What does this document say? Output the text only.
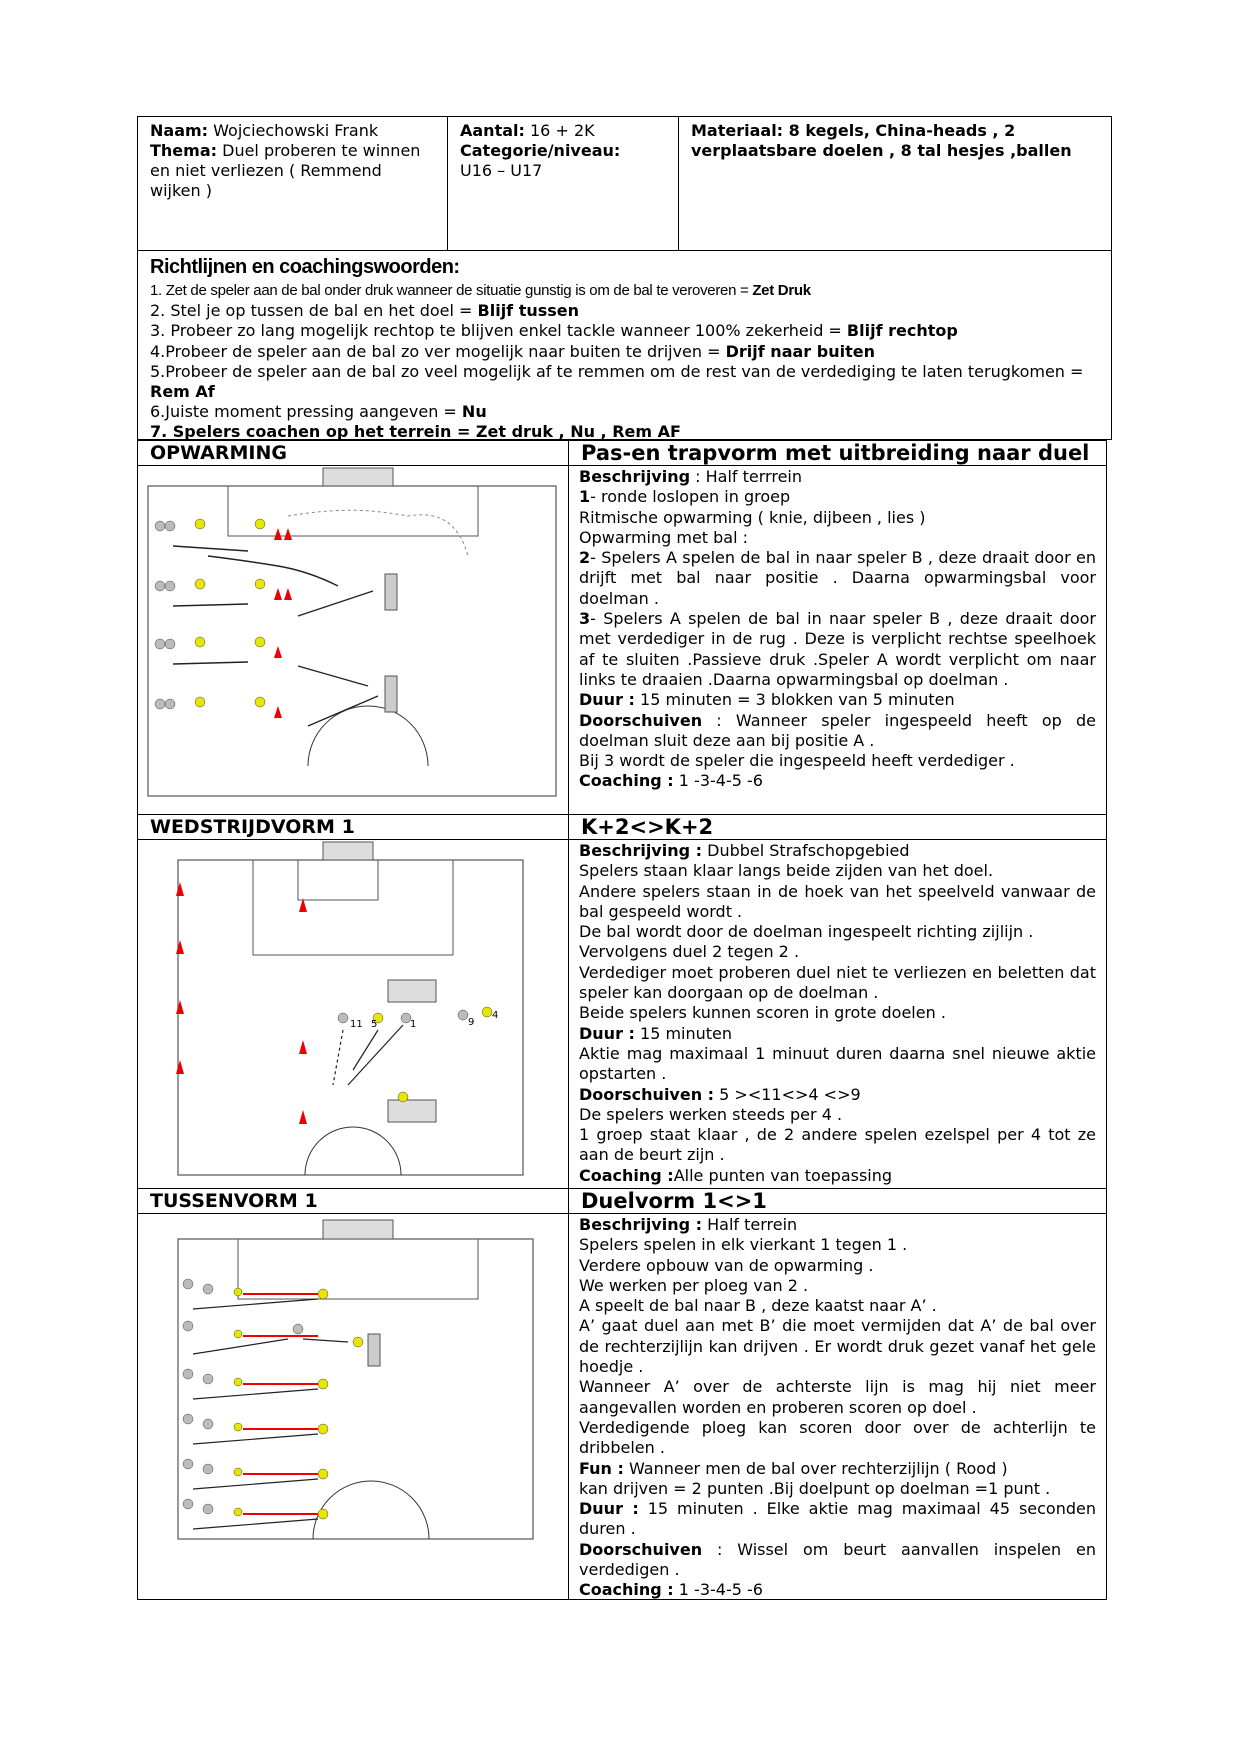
Naam: Wojciechowski Frank
Thema: Duel proberen te winnen en niet verliezen ( Remmend wijken )
Aantal: 16 + 2K
Categorie/niveau:
U16 – U17
Materiaal: 8 kegels, China-heads , 2 verplaatsbare doelen , 8 tal hesjes ,ballen
Richtlijnen en coachingswoorden:
1. Zet de speler aan de bal onder druk wanneer de situatie gunstig is om de bal te veroveren = Zet Druk
2. Stel je op tussen de bal en het doel = Blijf tussen
3. Probeer zo lang mogelijk rechtop te blijven enkel tackle wanneer 100% zekerheid = Blijf rechtop
4.Probeer de speler aan de bal zo ver mogelijk naar buiten te drijven = Drijf naar buiten
5.Probeer de speler aan de bal zo veel mogelijk af te remmen om de rest van de verdediging te laten terugkomen =
Rem Af
6.Juiste moment pressing aangeven = Nu
7. Spelers coachen op het terrein = Zet druk , Nu , Rem AF
OPWARMING	Pas-en trapvorm met uitbreiding naar duel

Beschrijving : Half terrrein

1- ronde loslopen in groep

Ritmische opwarming ( knie, dijbeen , lies )

Opwarming met bal :

2- Spelers A spelen de bal in naar speler B , deze draait door en drijft met bal naar positie . Daarna opwarmingsbal voor doelman .

3- Spelers A spelen de bal in naar speler B , deze draait door met verdediger in de rug . Deze is verplicht rechtse speelhoek af te sluiten .Passieve druk .Speler A wordt verplicht om naar links te draaien .Daarna opwarmingsbal op doelman .

Duur : 15 minuten = 3 blokken van 5 minuten

Doorschuiven : Wanneer speler ingespeeld heeft op de doelman sluit deze aan bij positie A .

Bij 3 wordt de speler die ingespeeld heeft verdediger .

Coaching : 1 -3-4-5 -6

WEDSTRIJDVORM 1	K+2<>K+2
11 5	1	9
4

Beschrijving : Dubbel Strafschopgebied

Spelers staan klaar langs beide zijden van het doel.

Andere spelers staan in de hoek van het speelveld vanwaar de bal gespeeld wordt .

De bal wordt door de doelman ingespeelt richting zijlijn .

Vervolgens duel 2 tegen 2 .

Verdediger moet proberen duel niet te verliezen en beletten dat speler kan doorgaan op de doelman .

Beide spelers kunnen scoren in grote doelen .

Duur : 15 minuten

Aktie mag maximaal 1 minuut duren daarna snel nieuwe aktie opstarten .

Doorschuiven : 5 ><11<>4 <>9

De spelers werken steeds per 4 .

1 groep staat klaar , de 2 andere spelen ezelspel per 4 tot ze aan de beurt zijn .

Coaching :Alle punten van toepassing

TUSSENVORM 1	Duelvorm 1<>1

Beschrijving : Half terrein

Spelers spelen in elk vierkant 1 tegen 1 .

Verdere opbouw van de opwarming .

We werken per ploeg van 2 .

A speelt de bal naar B , deze kaatst naar A’ .

A’ gaat duel aan met B’ die moet vermijden dat A’ de bal over de rechterzijlijn kan drijven . Er wordt druk gezet vanaf het gele hoedje .

Wanneer A’ over de achterste lijn is mag hij niet meer aangevallen worden en proberen scoren op doel .

Verdedigende ploeg kan scoren door over de achterlijn te dribbelen .

Fun : Wanneer men de bal over rechterzijlijn ( Rood )

kan drijven = 2 punten .Bij doelpunt op doelman =1 punt .

Duur : 15 minuten . Elke aktie mag maximaal 45 seconden duren .

Doorschuiven : Wissel om beurt aanvallen inspelen en verdedigen .

Coaching : 1 -3-4-5 -6
